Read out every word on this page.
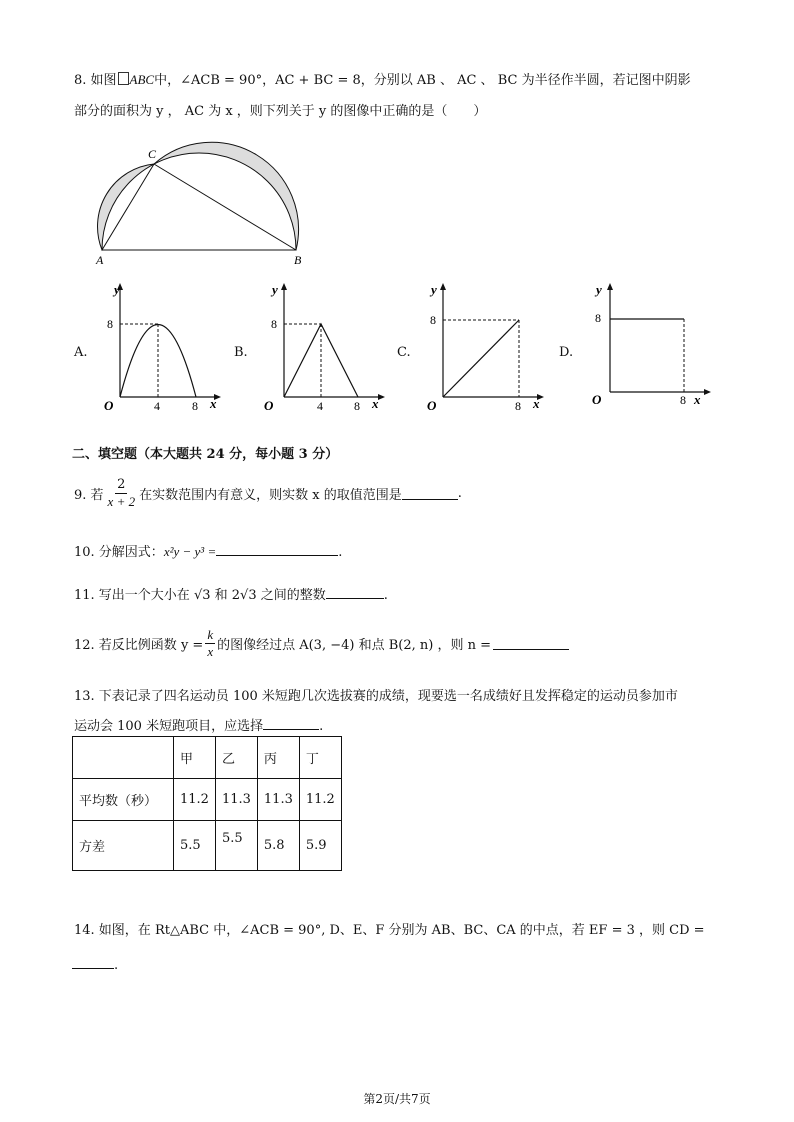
8. 如图 ABC中，∠ACB = 90°，AC + BC = 8，分别以 AB 、 AC 、 BC 为半径作半圆，若记图中阴影
部分的面积为 y ， AC 为 x ，则下列关于 y 的图像中正确的是（　　）
C
A	B
A.
y
x
O
8
4	8
B.
y
x
O
8
4	8
C.
y
x
O
8
8
D.
y
x
O
8
8
二、填空题（本大题共 24 分，每小题 3 分）
9. 若 $\frac{2}{x + 2}$ 在实数范围内有意义，则实数 x 的取值范围是	.
10. 分解因式：x²y − y³ =	.
11. 写出一个大小在 √3 和 2√3 之间的整数	.
12. 若反比例函数 $y = \frac{k}{x}$ 的图像经过点 A(3, −4) 和点 B(2, n) ，则 n =
13. 下表记录了四名运动员 100 米短跑几次选拔赛的成绩，现要选一名成绩好且发挥稳定的运动员参加市
运动会 100 米短跑项目，应选择	.
	甲	乙	丙	丁
平均数（秒）	11.2	11.3	11.3	11.2
方差	5.5	5.5	5.8	5.9
14. 如图，在 Rt△ABC 中，∠ACB = 90°, D、E、F 分别为 AB、BC、CA 的中点，若 EF = 3 ，则 CD =
.
第2页/共7页
